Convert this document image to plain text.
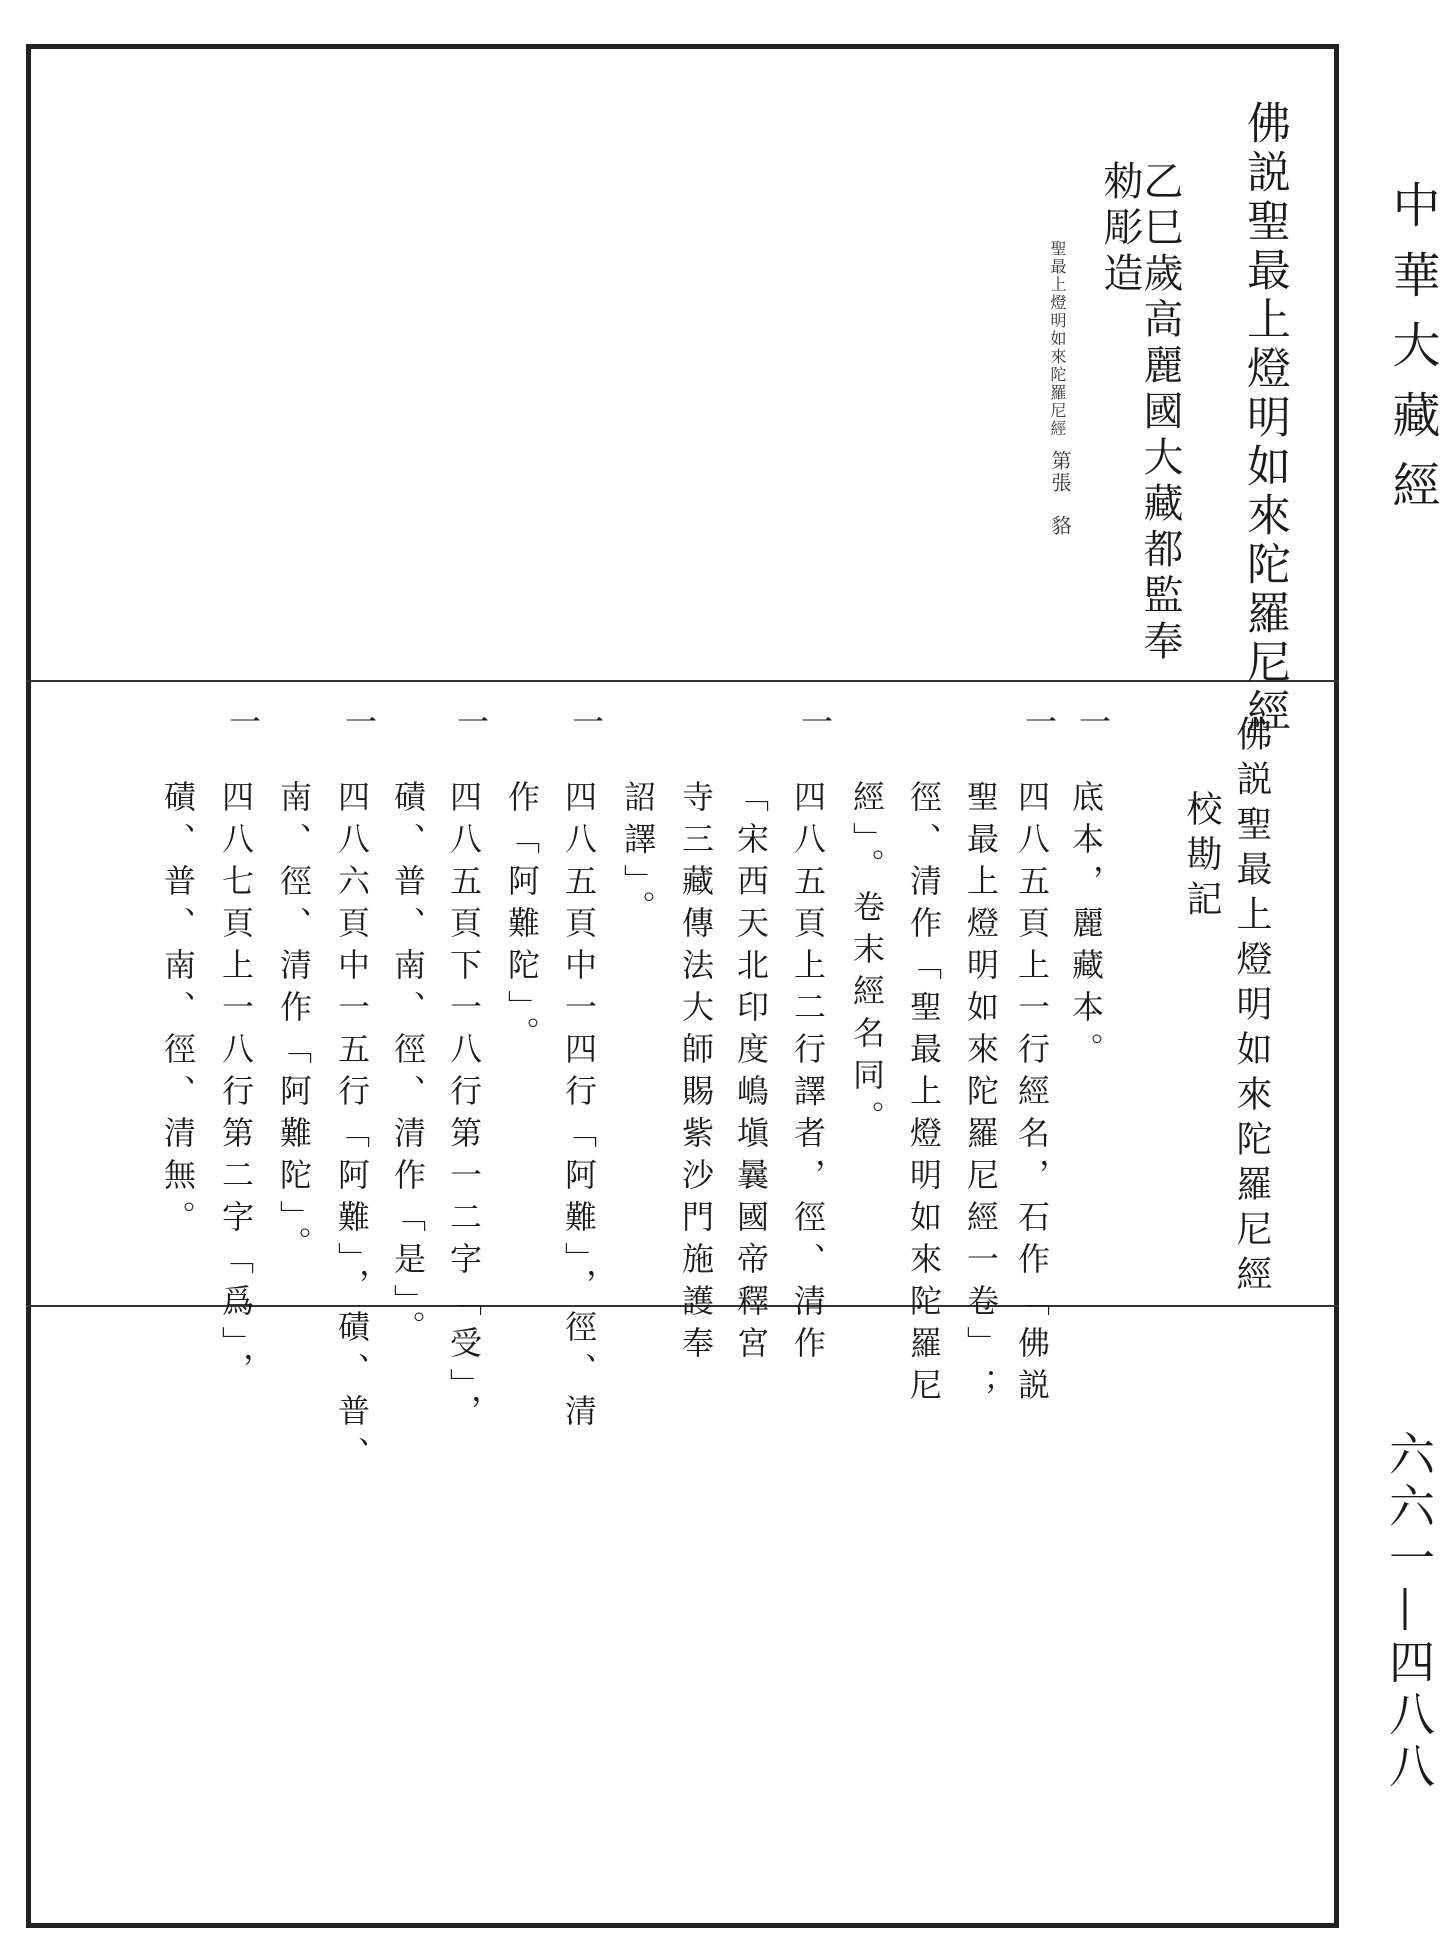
中華大藏經
六六一—四八八
佛説聖最上燈明如來陀羅尼經
乙巳歲高麗國大藏都監奉
勑彫造
聖最上燈明如來陀羅尼經
第張
貉
佛説聖最上燈明如來陀羅尼經
校勘記
一
底本，麗藏本。
一
四八五頁上一行經名，石作「佛説
聖最上燈明如來陀羅尼經一卷」；
徑、清作「聖最上燈明如來陀羅尼
經」。卷末經名同。
一
四八五頁上二行譯者，徑、清作
「宋西天北印度嶋塡曩國帝釋宮
寺三藏傳法大師賜紫沙門施護奉
詔譯」。
一
四八五頁中一四行「阿難」，徑、清
作「阿難陀」。
一
四八五頁下一八行第一二字「受」，
磧、普、南、徑、清作「是」。
一
四八六頁中一五行「阿難」，磧、普、
南、徑、清作「阿難陀」。
一
四八七頁上一八行第二字「爲」，
磧、普、南、徑、清無。
